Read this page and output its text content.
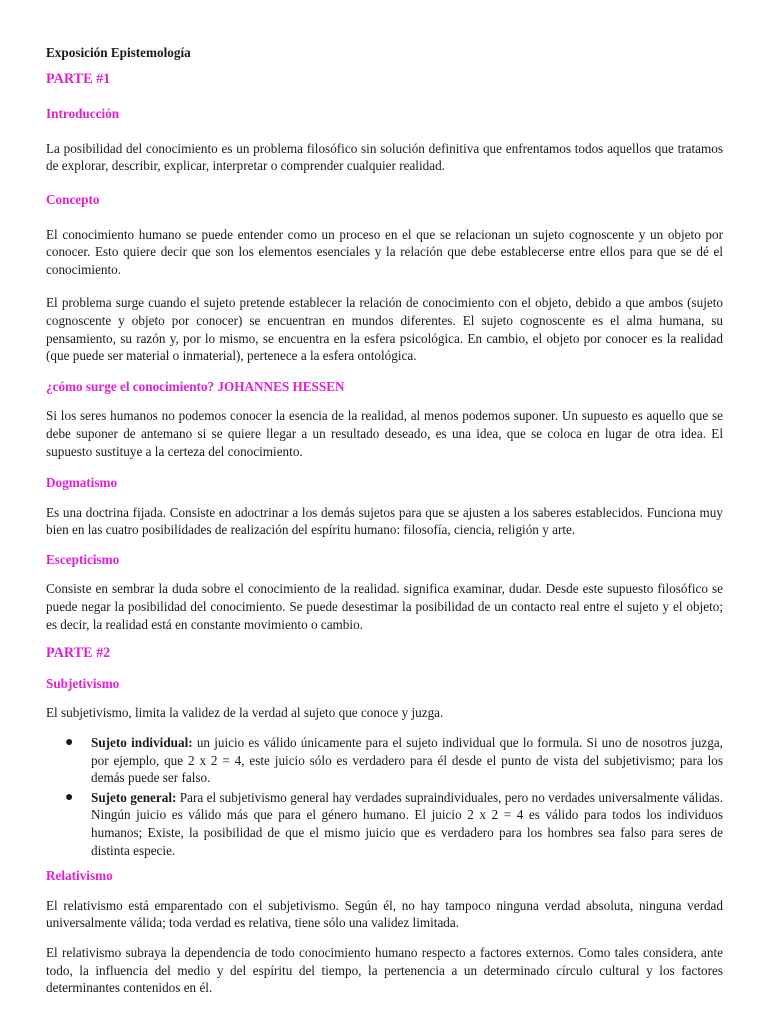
Exposición Epistemología
PARTE #1
Introducción

La posibilidad del conocimiento es un problema filosófico sin solución definitiva que enfrentamos todos aquellos que tratamos de explorar, describir, explicar, interpretar o comprender cualquier realidad.

Concepto

El conocimiento humano se puede entender como un proceso en el que se relacionan un sujeto cognoscente y un objeto por conocer. Esto quiere decir que son los elementos esenciales y la relación que debe establecerse entre ellos para que se dé el conocimiento.

El problema surge cuando el sujeto pretende establecer la relación de conocimiento con el objeto, debido a que ambos (sujeto cognoscente y objeto por conocer) se encuentran en mundos diferentes. El sujeto cognoscente es el alma humana, su pensamiento, su razón y, por lo mismo, se encuentra en la esfera psicológica. En cambio, el objeto por conocer es la realidad (que puede ser material o inmaterial), pertenece a la esfera ontológica.

¿cómo surge el conocimiento? JOHANNES HESSEN

Si los seres humanos no podemos conocer la esencia de la realidad, al menos podemos suponer. Un supuesto es aquello que se debe suponer de antemano si se quiere llegar a un resultado deseado, es una idea, que se coloca en lugar de otra idea. El supuesto sustituye a la certeza del conocimiento.

Dogmatismo

Es una doctrina fijada. Consiste en adoctrinar a los demás sujetos para que se ajusten a los saberes establecidos. Funciona muy bien en las cuatro posibilidades de realización del espíritu humano: filosofía, ciencia, religión y arte.

Escepticismo

Consiste en sembrar la duda sobre el conocimiento de la realidad. significa examinar, dudar. Desde este supuesto filosófico se puede negar la posibilidad del conocimiento. Se puede desestimar la posibilidad de un contacto real entre el sujeto y el objeto; es decir, la realidad está en constante movimiento o cambio.

PARTE #2
Subjetivismo

El subjetivismo, limita la validez de la verdad al sujeto que conoce y juzga.

● Sujeto individual: un juicio es válido únicamente para el sujeto individual que lo formula. Si uno de nosotros juzga, por ejemplo, que 2 x 2 = 4, este juicio sólo es verdadero para él desde el punto de vista del subjetivismo; para los demás puede ser falso.
● Sujeto general: Para el subjetivismo general hay verdades supraindividuales, pero no verdades universalmente válidas. Ningún juicio es válido más que para el género humano. El juicio 2 x 2 = 4 es válido para todos los individuos humanos; Existe, la posibilidad de que el mismo juicio que es verdadero para los hombres sea falso para seres de distinta especie.
Relativismo

El relativismo está emparentado con el subjetivismo. Según él, no hay tampoco ninguna verdad absoluta, ninguna verdad universalmente válida; toda verdad es relativa, tiene sólo una validez limitada.

El relativismo subraya la dependencia de todo conocimiento humano respecto a factores externos. Como tales considera, ante todo, la influencia del medio y del espíritu del tiempo, la pertenencia a un determinado círculo cultural y los factores determinantes contenidos en él.
